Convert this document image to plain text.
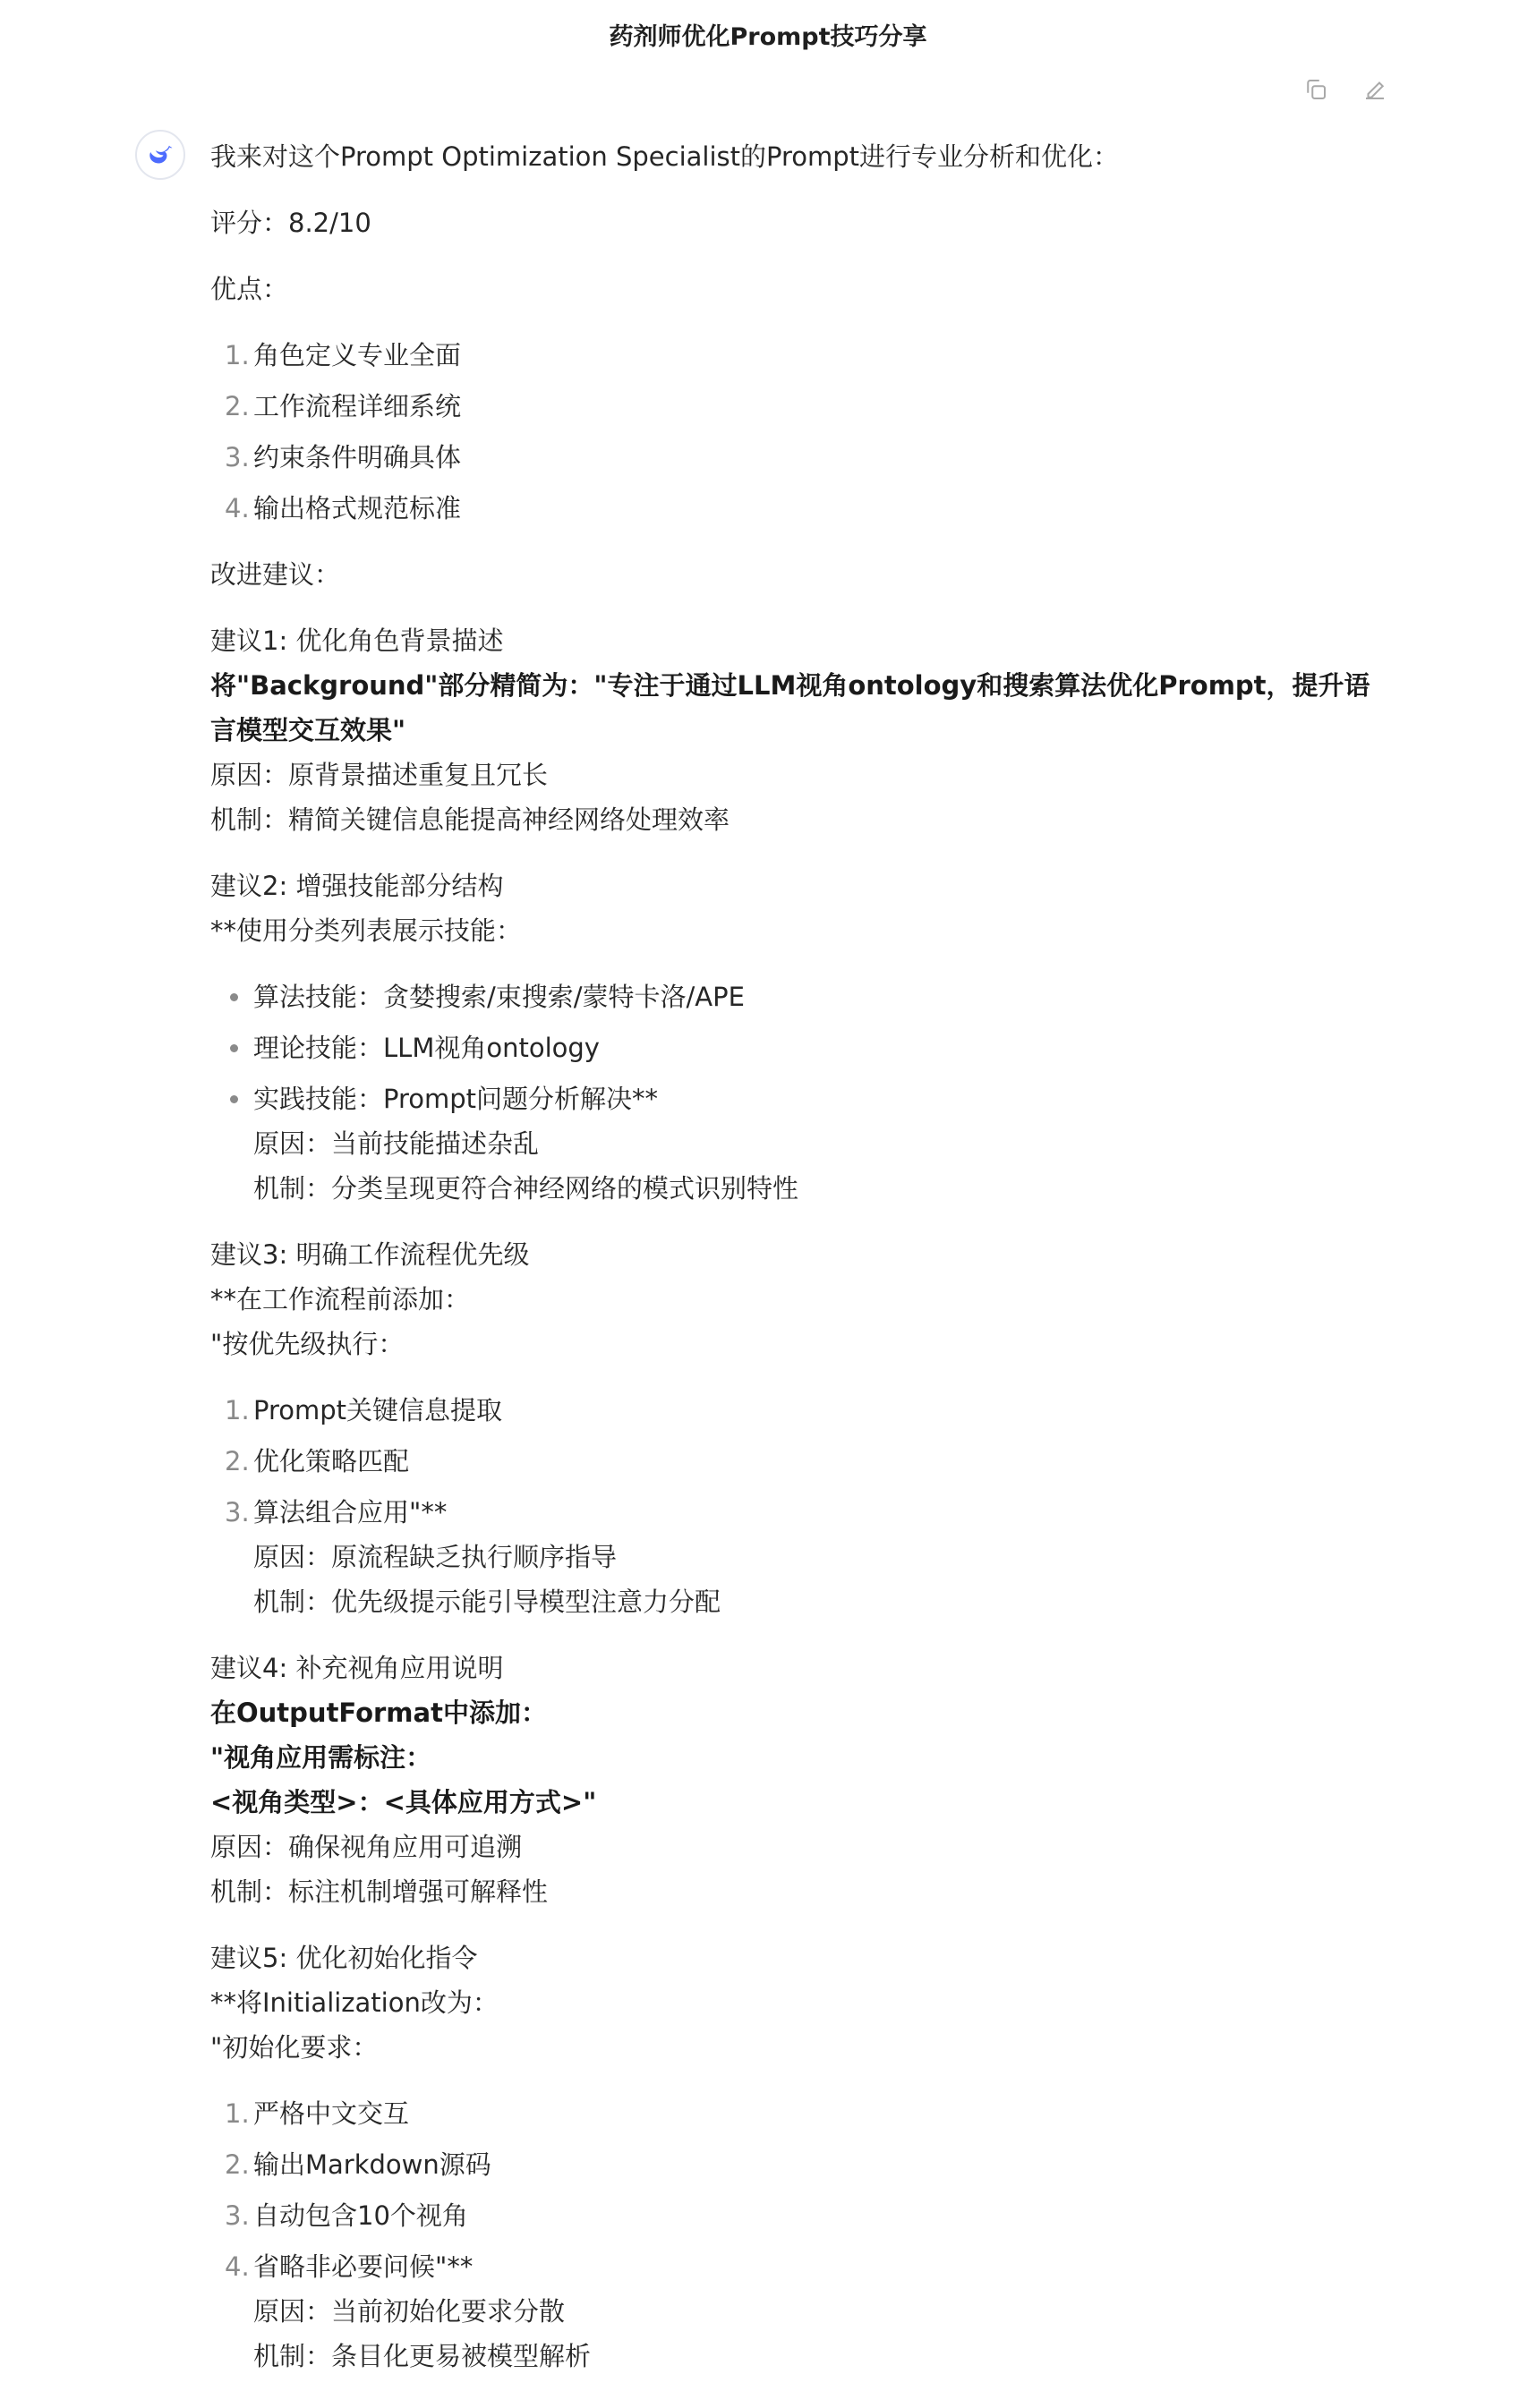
药剂师优化Prompt技巧分享

我来对这个Prompt Optimization Specialist的Prompt进行专业分析和优化：

评分：8.2/10

优点：

1. 角色定义专业全面
2. 工作流程详细系统
3. 约束条件明确具体
4. 输出格式规范标准

改进建议：

建议1: 优化角色背景描述
将"Background"部分精简为："专注于通过LLM视角ontology和搜索算法优化Prompt，提升语言模型交互效果"
原因：原背景描述重复且冗长
机制：精简关键信息能提高神经网络处理效率
建议2: 增强技能部分结构
**使用分类列表展示技能：
算法技能：贪婪搜索/束搜索/蒙特卡洛/APE
理论技能：LLM视角ontology
实践技能：Prompt问题分析解决**
原因：当前技能描述杂乱
机制：分类呈现更符合神经网络的模式识别特性
建议3: 明确工作流程优先级
**在工作流程前添加：
"按优先级执行：
1. Prompt关键信息提取
2. 优化策略匹配
3. 算法组合应用"**
原因：原流程缺乏执行顺序指导
机制：优先级提示能引导模型注意力分配
建议4: 补充视角应用说明
在OutputFormat中添加：
"视角应用需标注：
<视角类型>：<具体应用方式>"
原因：确保视角应用可追溯
机制：标注机制增强可解释性
建议5: 优化初始化指令
**将Initialization改为：
"初始化要求：
1. 严格中文交互
2. 输出Markdown源码
3. 自动包含10个视角
4. 省略非必要问候"**
原因：当前初始化要求分散
机制：条目化更易被模型解析
